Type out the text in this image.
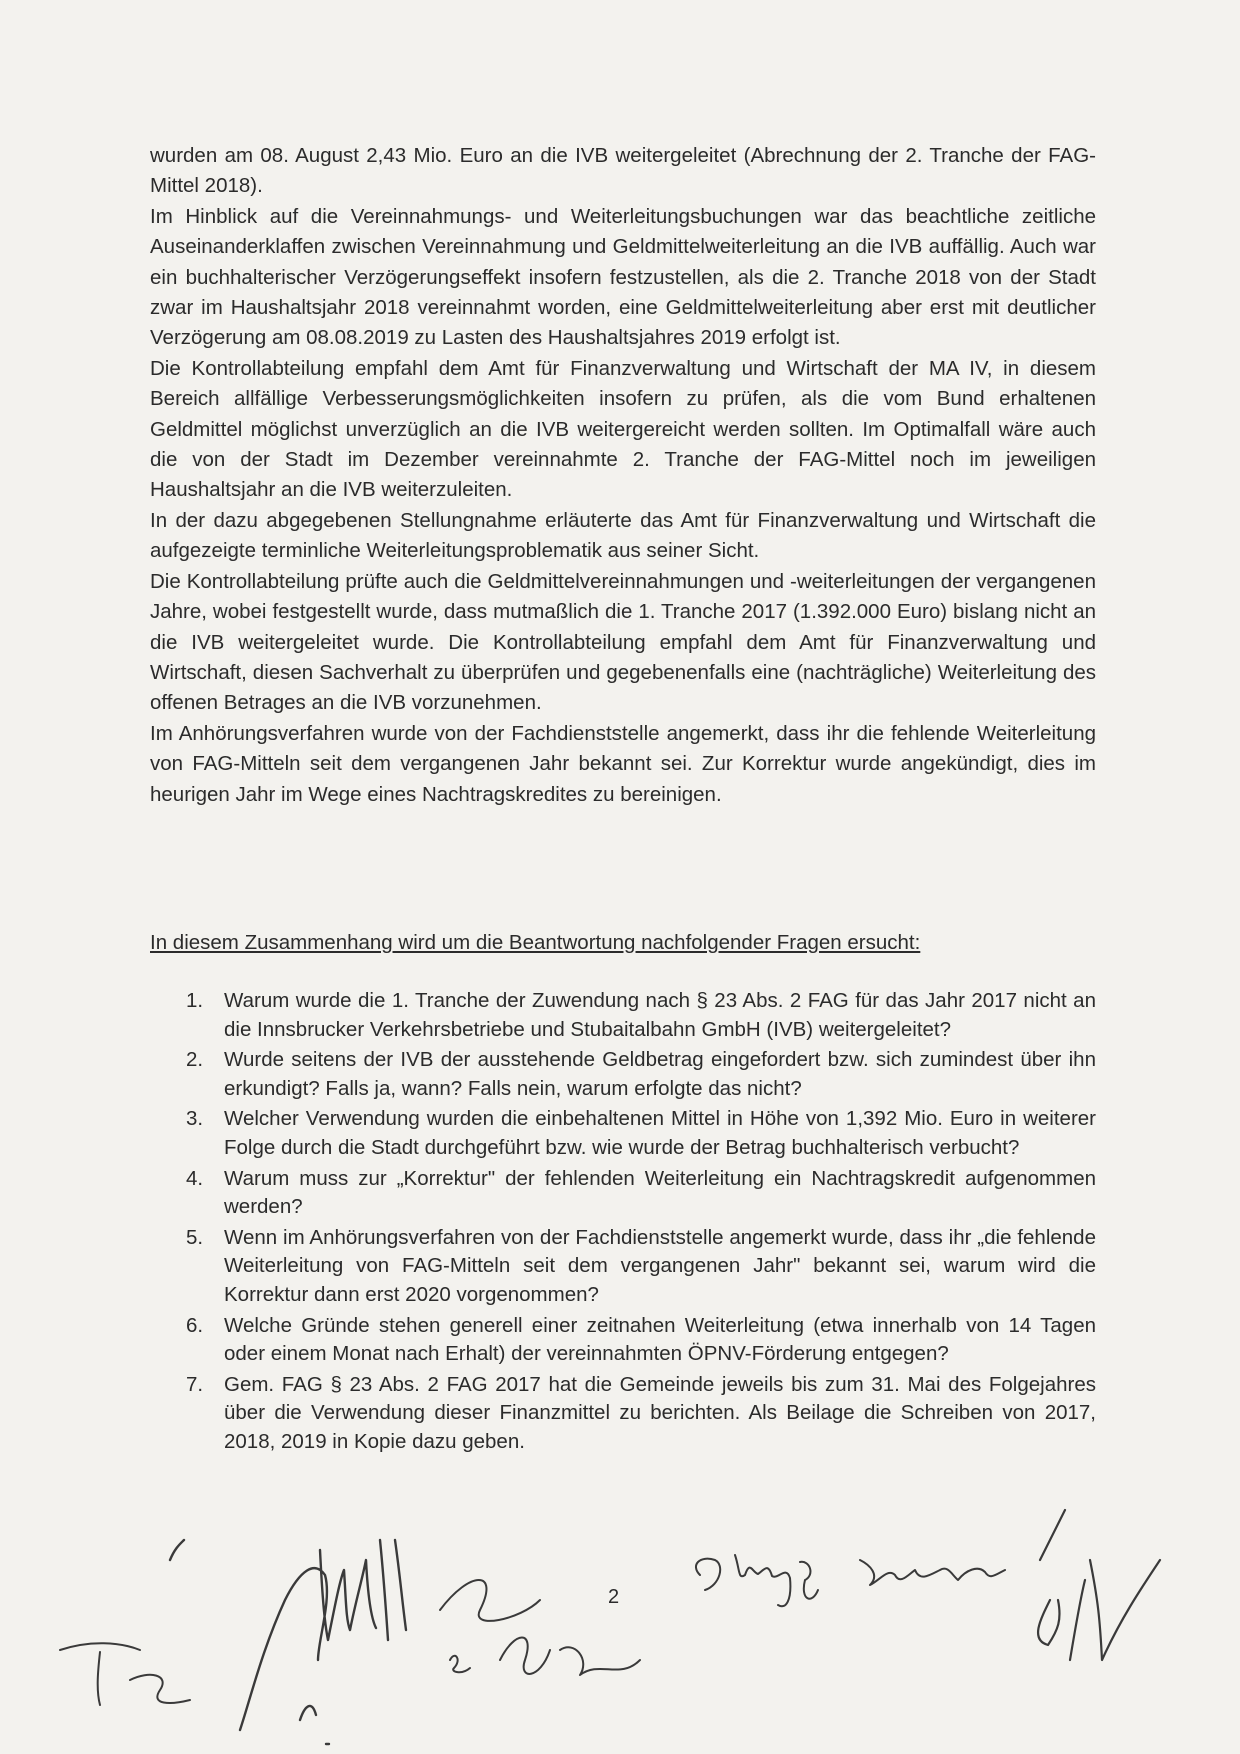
wurden am 08. August 2,43 Mio. Euro an die IVB weitergeleitet (Abrechnung der 2. Tranche der FAG-Mittel 2018).

Im Hinblick auf die Vereinnahmungs- und Weiterleitungsbuchungen war das beachtliche zeitliche Auseinanderklaffen zwischen Vereinnahmung und Geldmittelweiterleitung an die IVB auffällig. Auch war ein buchhalterischer Verzögerungseffekt insofern festzustellen, als die 2. Tranche 2018 von der Stadt zwar im Haushaltsjahr 2018 vereinnahmt worden, eine Geldmittelweiterleitung aber erst mit deutlicher Verzögerung am 08.08.2019 zu Lasten des Haushaltsjahres 2019 erfolgt ist.

Die Kontrollabteilung empfahl dem Amt für Finanzverwaltung und Wirtschaft der MA IV, in diesem Bereich allfällige Verbesserungsmöglichkeiten insofern zu prüfen, als die vom Bund erhaltenen Geldmittel möglichst unverzüglich an die IVB weitergereicht werden sollten. Im Optimalfall wäre auch die von der Stadt im Dezember vereinnahmte 2. Tranche der FAG-Mittel noch im jeweiligen Haushaltsjahr an die IVB weiterzuleiten.

In der dazu abgegebenen Stellungnahme erläuterte das Amt für Finanzverwaltung und Wirtschaft die aufgezeigte terminliche Weiterleitungsproblematik aus seiner Sicht.

Die Kontrollabteilung prüfte auch die Geldmittelvereinnahmungen und -weiterleitungen der vergangenen Jahre, wobei festgestellt wurde, dass mutmaßlich die 1. Tranche 2017 (1.392.000 Euro) bislang nicht an die IVB weitergeleitet wurde. Die Kontrollabteilung empfahl dem Amt für Finanzverwaltung und Wirtschaft, diesen Sachverhalt zu überprüfen und gegebenenfalls eine (nachträgliche) Weiterleitung des offenen Betrages an die IVB vorzunehmen.

Im Anhörungsverfahren wurde von der Fachdienststelle angemerkt, dass ihr die fehlende Weiterleitung von FAG-Mitteln seit dem vergangenen Jahr bekannt sei. Zur Korrektur wurde angekündigt, dies im heurigen Jahr im Wege eines Nachtragskredites zu bereinigen.

In diesem Zusammenhang wird um die Beantwortung nachfolgender Fragen ersucht:
1.	Warum wurde die 1. Tranche der Zuwendung nach § 23 Abs. 2 FAG für das Jahr 2017 nicht an die Innsbrucker Verkehrsbetriebe und Stubaitalbahn GmbH (IVB) weitergeleitet?
2.	Wurde seitens der IVB der ausstehende Geldbetrag eingefordert bzw. sich zumindest über ihn erkundigt? Falls ja, wann? Falls nein, warum erfolgte das nicht?
3.	Welcher Verwendung wurden die einbehaltenen Mittel in Höhe von 1,392 Mio. Euro in weiterer Folge durch die Stadt durchgeführt bzw. wie wurde der Betrag buchhalterisch verbucht?
4.	Warum muss zur „Korrektur" der fehlenden Weiterleitung ein Nachtragskredit aufgenommen werden?
5.	Wenn im Anhörungsverfahren von der Fachdienststelle angemerkt wurde, dass ihr „die fehlende Weiterleitung von FAG-Mitteln seit dem vergangenen Jahr" bekannt sei, warum wird die Korrektur dann erst 2020 vorgenommen?
6.	Welche Gründe stehen generell einer zeitnahen Weiterleitung (etwa innerhalb von 14 Tagen oder einem Monat nach Erhalt) der vereinnahmten ÖPNV-Förderung entgegen?
7.	Gem. FAG § 23 Abs. 2 FAG 2017 hat die Gemeinde jeweils bis zum 31. Mai des Folgejahres über die Verwendung dieser Finanzmittel zu berichten. Als Beilage die Schreiben von 2017, 2018, 2019 in Kopie dazu geben.
2
